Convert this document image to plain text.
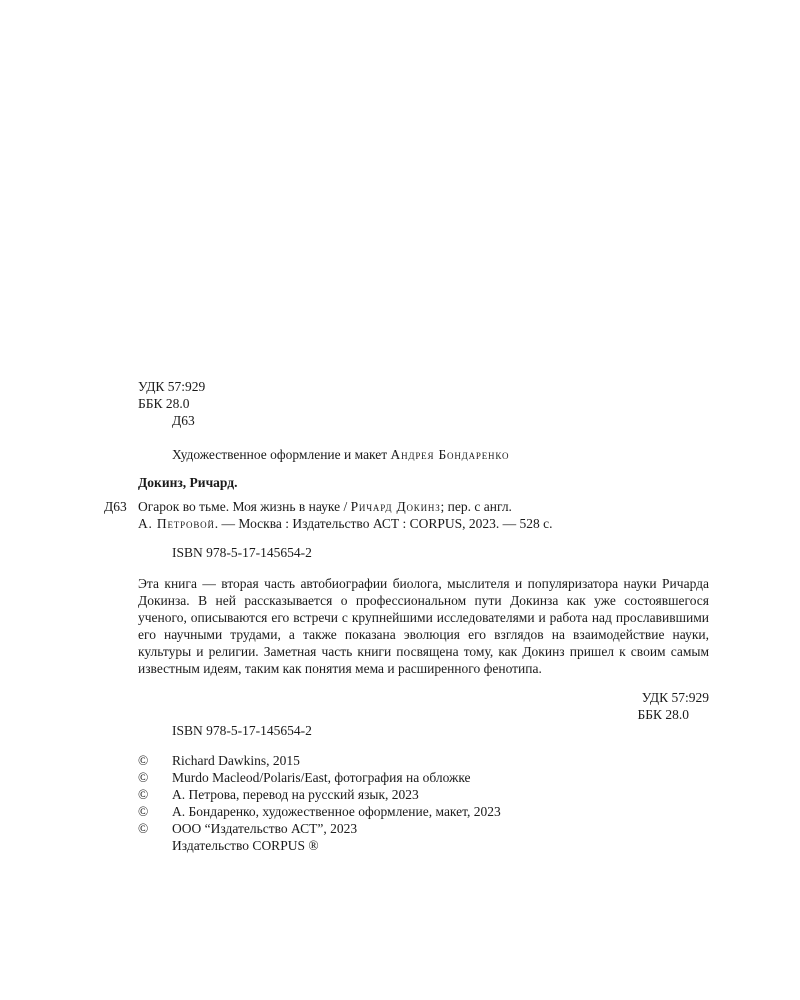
УДК 57:929
ББК 28.0
Д63
Художественное оформление и макет Андрея Бондаренко
Докинз, Ричард.
Д63 Огарок во тьме. Моя жизнь в науке / Ричард Докинз; пер. с англ.
А. Петровой. — Москва : Издательство АСТ : CORPUS, 2023. — 528 с.
ISBN 978-5-17-145654-2
Эта книга — вторая часть автобиографии биолога, мыслителя и популяризатора науки Ричарда Докинза. В ней рассказывается о профессиональном пути Докинза как уже состоявшегося ученого, описываются его встречи с крупнейшими исследователями и работа над прославившими его научными трудами, а также показана эволюция его взглядов на взаимодействие науки, культуры и религии. Заметная часть книги посвящена тому, как Докинз пришел к своим самым известным идеям, таким как понятия мема и расширенного фенотипа.
УДК 57:929
ББК 28.0
ISBN 978-5-17-145654-2
©	Richard Dawkins, 2015
©	Murdo Macleod/Polaris/East, фотография на обложке
©	А. Петрова, перевод на русский язык, 2023
©	А. Бондаренко, художественное оформление, макет, 2023
©	ООО “Издательство АСТ”, 2023
Издательство CORPUS ®
